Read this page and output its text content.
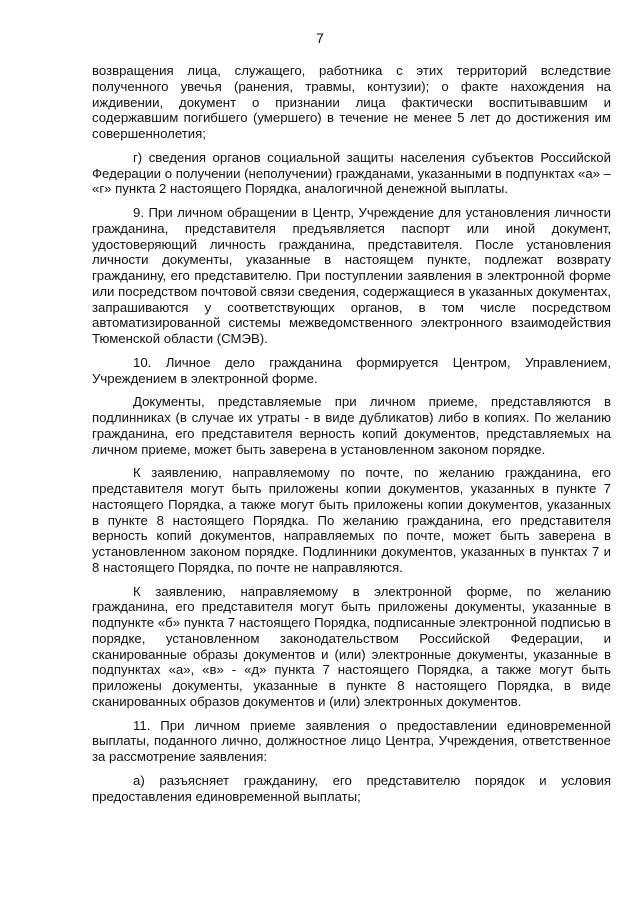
7

возвращения лица, служащего, работника с этих территорий вследствие полученного увечья (ранения, травмы, контузии); о факте нахождения на иждивении, документ о признании лица фактически воспитывавшим и содержавшим погибшего (умершего) в течение не менее 5 лет до достижения им совершеннолетия;

г) сведения органов социальной защиты населения субъектов Российской Федерации о получении (неполучении) гражданами, указанными в подпунктах «а» – «г» пункта 2 настоящего Порядка, аналогичной денежной выплаты.

9. При личном обращении в Центр, Учреждение для установления личности гражданина, представителя предъявляется паспорт или иной документ, удостоверяющий личность гражданина, представителя. После установления личности документы, указанные в настоящем пункте, подлежат возврату гражданину, его представителю. При поступлении заявления в электронной форме или посредством почтовой связи сведения, содержащиеся в указанных документах, запрашиваются у соответствующих органов, в том числе посредством автоматизированной системы межведомственного электронного взаимодействия Тюменской области (СМЭВ).

10. Личное дело гражданина формируется Центром, Управлением, Учреждением в электронной форме.

Документы, представляемые при личном приеме, представляются в подлинниках (в случае их утраты - в виде дубликатов) либо в копиях. По желанию гражданина, его представителя верность копий документов, представляемых на личном приеме, может быть заверена в установленном законом порядке.

К заявлению, направляемому по почте, по желанию гражданина, его представителя могут быть приложены копии документов, указанных в пункте 7 настоящего Порядка, а также могут быть приложены копии документов, указанных в пункте 8 настоящего Порядка. По желанию гражданина, его представителя верность копий документов, направляемых по почте, может быть заверена в установленном законом порядке. Подлинники документов, указанных в пунктах 7 и 8 настоящего Порядка, по почте не направляются.

К заявлению, направляемому в электронной форме, по желанию гражданина, его представителя могут быть приложены документы, указанные в подпункте «б» пункта 7 настоящего Порядка, подписанные электронной подписью в порядке, установленном законодательством Российской Федерации, и сканированные образы документов и (или) электронные документы, указанные в подпунктах «а», «в» - «д» пункта 7 настоящего Порядка, а также могут быть приложены документы, указанные в пункте 8 настоящего Порядка, в виде сканированных образов документов и (или) электронных документов.

11. При личном приеме заявления о предоставлении единовременной выплаты, поданного лично, должностное лицо Центра, Учреждения, ответственное за рассмотрение заявления:

а) разъясняет гражданину, его представителю порядок и условия предоставления единовременной выплаты;
